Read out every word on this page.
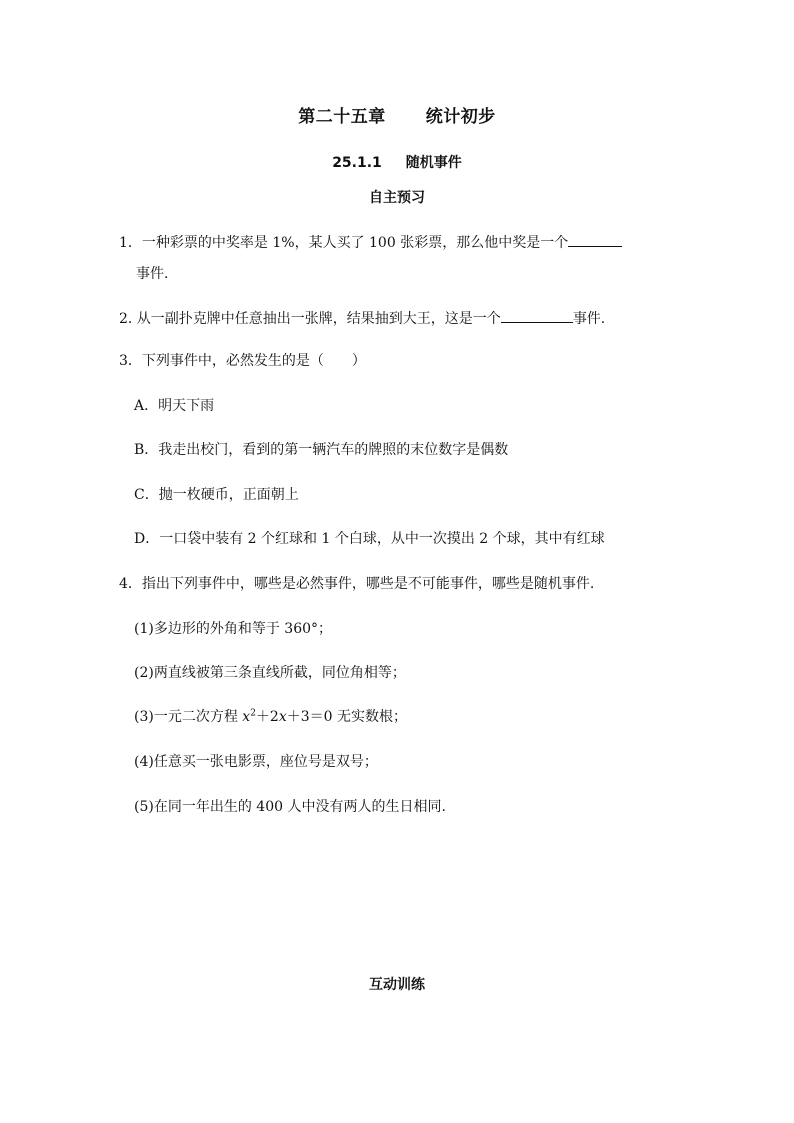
第二十五章 统计初步
25.1.1 随机事件
自主预习
1．一种彩票的中奖率是 1%，某人买了 100 张彩票，那么他中奖是一个
事件.
2. 从一副扑克牌中任意抽出一张牌，结果抽到大王，这是一个	事件.
3．下列事件中，必然发生的是（　　）
A．明天下雨
B．我走出校门，看到的第一辆汽车的牌照的末位数字是偶数
C．抛一枚硬币，正面朝上
D．一口袋中装有 2 个红球和 1 个白球，从中一次摸出 2 个球，其中有红球
4．指出下列事件中，哪些是必然事件，哪些是不可能事件，哪些是随机事件.
(1)多边形的外角和等于 360°；
(2)两直线被第三条直线所截，同位角相等；
(3)一元二次方程 $x^2+2x+3=0$ 无实数根；
(4)任意买一张电影票，座位号是双号；
(5)在同一年出生的 400 人中没有两人的生日相同.
互动训练
